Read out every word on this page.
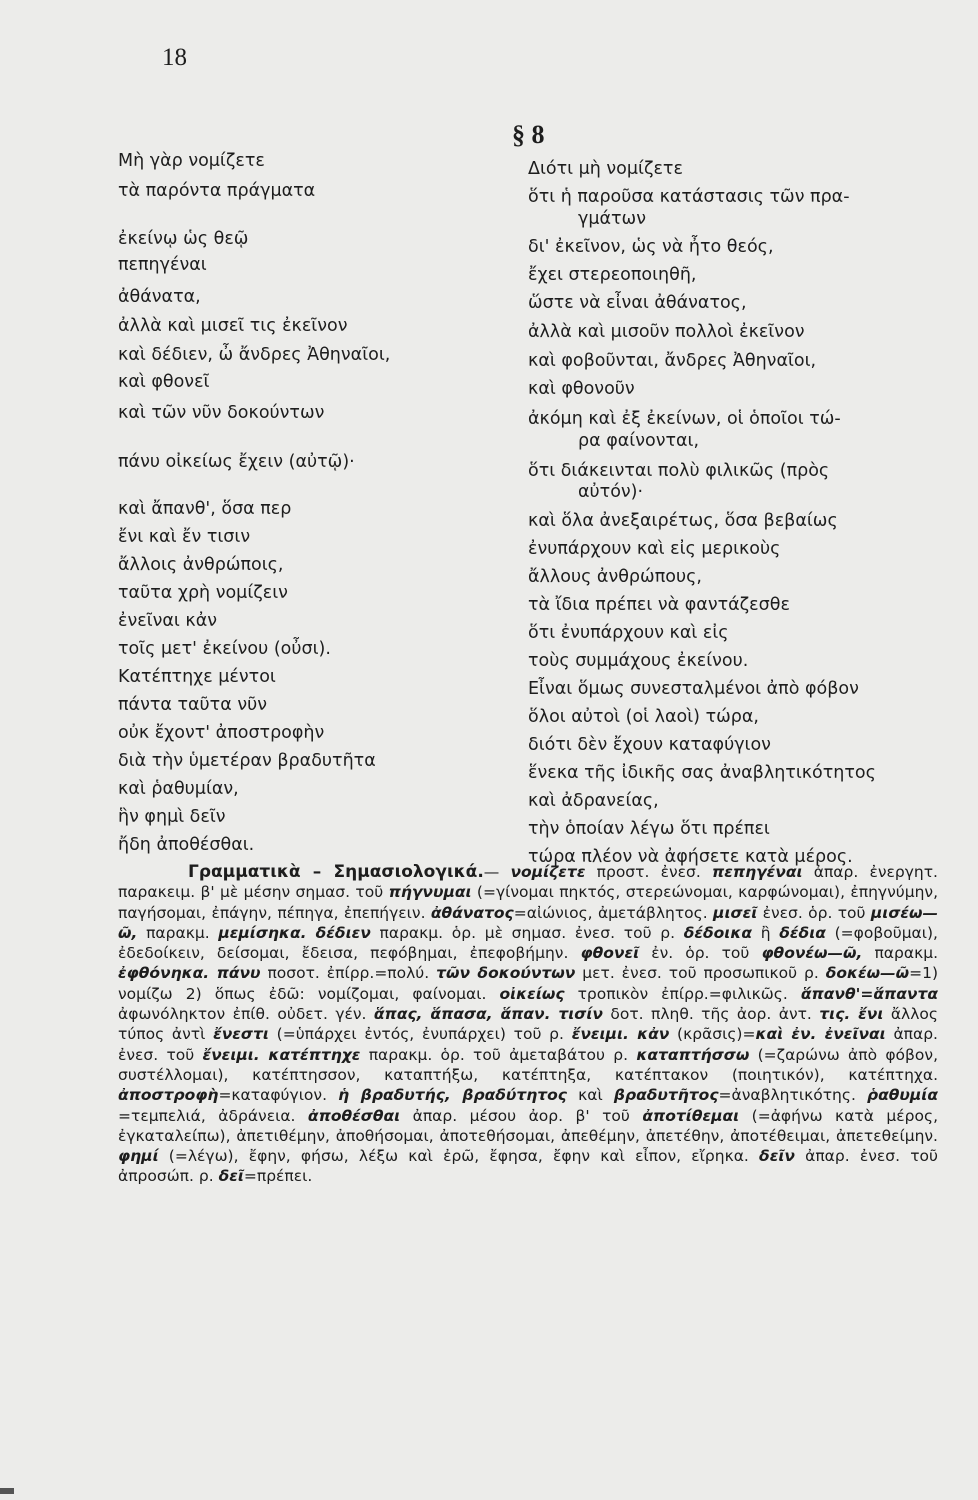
18
§ 8
Μὴ γὰρ νομίζετε
τὰ παρόντα πράγματα
ἐκείνῳ ὡς θεῷ
πεπηγέναι
ἀθάνατα,
ἀλλὰ καὶ μισεῖ τις ἐκεῖνον
καὶ δέδιεν, ὦ ἄνδρες Ἀθηναῖοι,
καὶ φθονεῖ
καὶ τῶν νῦν δοκούντων
πάνυ οἰκείως ἔχειν (αὐτῷ)·
καὶ ἄπανθ', ὅσα περ
ἔνι καὶ ἔν τισιν
ἄλλοις ἀνθρώποις,
ταῦτα χρὴ νομίζειν
ἐνεῖναι κἀν
τοῖς μετ' ἐκείνου (οὖσι).
Κατέπτηχε μέντοι
πάντα ταῦτα νῦν
οὐκ ἔχοντ' ἀποστροφὴν
διὰ τὴν ὑμετέραν βραδυτῆτα
καὶ ῥαθυμίαν,
ἣν φημὶ δεῖν
ἤδη ἀποθέσθαι.
Διότι μὴ νομίζετε
ὅτι ἡ παροῦσα κατάστασις τῶν πρα-
γμάτων
δι' ἐκεῖνον, ὡς νὰ ἦτο θεός,
ἔχει στερεοποιηθῆ,
ὥστε νὰ εἶναι ἀθάνατος,
ἀλλὰ καὶ μισοῦν πολλοὶ ἐκεῖνον
καὶ φοβοῦνται, ἄνδρες Ἀθηναῖοι,
καὶ φθονοῦν
ἀκόμη καὶ ἐξ ἐκείνων, οἱ ὁποῖοι τώ-
ρα φαίνονται,
ὅτι διάκεινται πολὺ φιλικῶς (πρὸς
αὐτόν)·
καὶ ὅλα ἀνεξαιρέτως, ὅσα βεβαίως
ἐνυπάρχουν καὶ εἰς μερικοὺς
ἄλλους ἀνθρώπους,
τὰ ἴδια πρέπει νὰ φαντάζεσθε
ὅτι ἐνυπάρχουν καὶ εἰς
τοὺς συμμάχους ἐκείνου.
Εἶναι ὅμως συνεσταλμένοι ἀπὸ φόβον
ὅλοι αὐτοὶ (οἱ λαοὶ) τώρα,
διότι δὲν ἔχουν καταφύγιον
ἕνεκα τῆς ἰδικῆς σας ἀναβλητικότητος
καὶ ἀδρανείας,
τὴν ὁποίαν λέγω ὅτι πρέπει
τώρα πλέον νὰ ἀφήσετε κατὰ μέρος.
Γραμματικὰ – Σημασιολογικά.— νομίζετε προστ. ἐνεσ. πεπηγέναι ἀπαρ. ἐνεργητ. παρακειμ. β' μὲ μέσην σημασ. τοῦ πήγνυμαι (=γίνομαι πηκτός, στερεώνομαι, καρφώνομαι), ἐπηγνύμην, παγήσομαι, ἐπάγην, πέπηγα, ἐπεπήγειν. ἀθάνατος=αἰώνιος, ἀμετάβλητος. μισεῖ ἐνεσ. ὁρ. τοῦ μισέω—ῶ, παρακμ. μεμίσηκα. δέδιεν παρακμ. ὁρ. μὲ σημασ. ἐνεσ. τοῦ ρ. δέδοικα ἢ δέδια (=φοβοῦμαι), ἐδεδοίκειν, δείσομαι, ἔδεισα, πεφόβημαι, ἐπεφοβήμην. φθονεῖ ἐν. ὁρ. τοῦ φθονέω—ῶ, παρακμ. ἐφθόνηκα. πάνυ ποσοτ. ἐπίρρ.=πολύ. τῶν δοκούντων μετ. ἐνεσ. τοῦ προσωπικοῦ ρ. δοκέω—ῶ=1) νομίζω 2) ὅπως ἐδῶ: νομίζομαι, φαίνομαι. οἰκείως τροπικὸν ἐπίρρ.=φιλικῶς. ἅπανθ'=ἅπαντα ἀφωνόληκτον ἐπίθ. οὐδετ. γέν. ἅπας, ἅπασα, ἅπαν. τισίν δοτ. πληθ. τῆς ἀορ. ἀντ. τις. ἔνι ἄλλος τύπος ἀντὶ ἔνεστι (=ὑπάρχει ἐντός, ἐνυπάρχει) τοῦ ρ. ἔνειμι. κἀν (κρᾶσις)=καὶ ἐν. ἐνεῖναι ἀπαρ. ἐνεσ. τοῦ ἔνειμι. κατέπτηχε παρακμ. ὁρ. τοῦ ἀμεταβάτου ρ. καταπτήσσω (=ζαρώνω ἀπὸ φόβον, συστέλλομαι), κατέπτησσον, καταπτήξω, κατέπτηξα, κατέπτακον (ποιητικόν), κατέπτηχα. ἀποστροφὴ=καταφύγιον. ἡ βραδυτής, βραδύτητος καὶ βραδυτῆτος=ἀναβλητικότης. ῥαθυμία =τεμπελιά, ἀδράνεια. ἀποθέσθαι ἀπαρ. μέσου ἀορ. β' τοῦ ἀποτίθεμαι (=ἀφήνω κατὰ μέρος, ἐγκαταλείπω), ἀπετιθέμην, ἀποθήσομαι, ἀποτεθήσομαι, ἀπεθέμην, ἀπετέθην, ἀποτέθειμαι, ἀπετεθείμην. φημί (=λέγω), ἔφην, φήσω, λέξω καὶ ἐρῶ, ἔφησα, ἔφην καὶ εἶπον, εἴρηκα. δεῖν ἀπαρ. ἐνεσ. τοῦ ἀπροσώπ. ρ. δεῖ=πρέπει.
